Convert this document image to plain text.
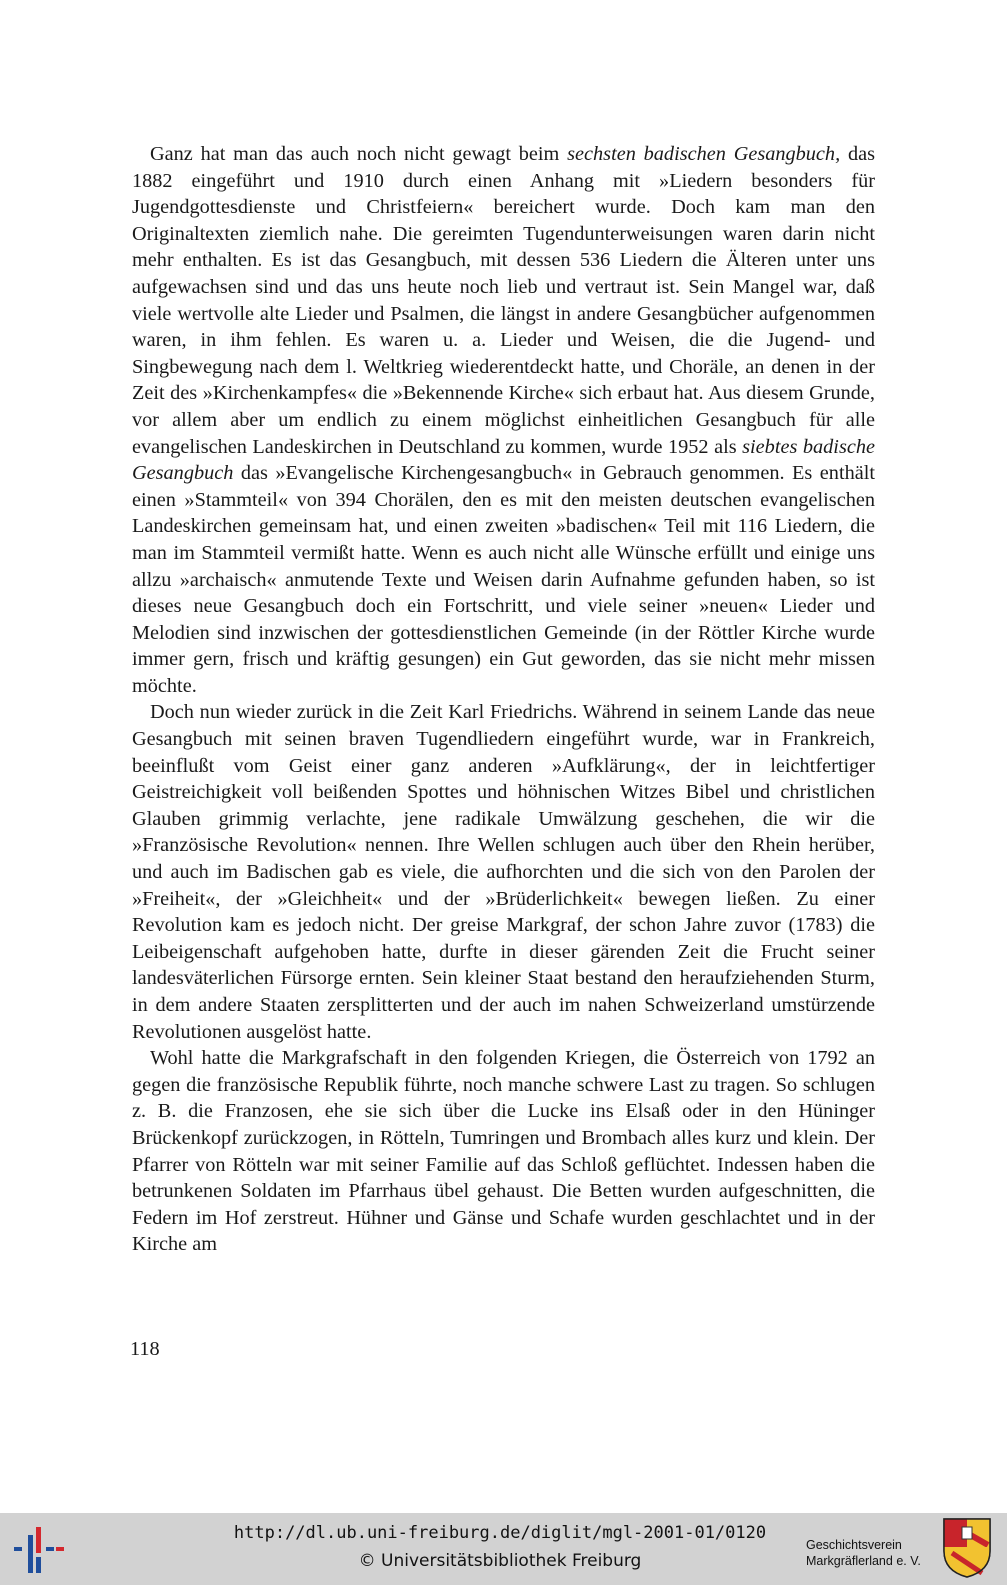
Ganz hat man das auch noch nicht gewagt beim sechsten badischen Gesangbuch, das 1882 eingeführt und 1910 durch einen Anhang mit »Liedern besonders für Jugendgottesdienste und Christfeiern« bereichert wurde. Doch kam man den Originaltexten ziemlich nahe. Die gereimten Tugendunterweisungen waren darin nicht mehr enthalten. Es ist das Gesangbuch, mit dessen 536 Liedern die Älteren unter uns aufgewachsen sind und das uns heute noch lieb und vertraut ist. Sein Mangel war, daß viele wertvolle alte Lieder und Psalmen, die längst in andere Gesangbücher aufgenommen waren, in ihm fehlen. Es waren u. a. Lieder und Weisen, die die Jugend- und Singbewegung nach dem l. Weltkrieg wiederentdeckt hatte, und Choräle, an denen in der Zeit des »Kirchenkampfes« die »Bekennende Kirche« sich erbaut hat. Aus diesem Grunde, vor allem aber um endlich zu einem möglichst einheitlichen Gesangbuch für alle evangelischen Landeskirchen in Deutschland zu kommen, wurde 1952 als siebtes badische Gesangbuch das »Evangelische Kirchengesangbuch« in Gebrauch genommen. Es enthält einen »Stammteil« von 394 Chorälen, den es mit den meisten deutschen evangelischen Landeskirchen gemeinsam hat, und einen zweiten »badischen« Teil mit 116 Liedern, die man im Stammteil vermißt hatte. Wenn es auch nicht alle Wünsche erfüllt und einige uns allzu »archaisch« anmutende Texte und Weisen darin Aufnahme gefunden haben, so ist dieses neue Gesangbuch doch ein Fortschritt, und viele seiner »neuen« Lieder und Melodien sind inzwischen der gottesdienstlichen Gemeinde (in der Röttler Kirche wurde immer gern, frisch und kräftig gesungen) ein Gut geworden, das sie nicht mehr missen möchte.

Doch nun wieder zurück in die Zeit Karl Friedrichs. Während in seinem Lande das neue Gesangbuch mit seinen braven Tugendliedern eingeführt wurde, war in Frankreich, beeinflußt vom Geist einer ganz anderen »Aufklärung«, der in leichtfertiger Geistreichigkeit voll beißenden Spottes und höhnischen Witzes Bibel und christlichen Glauben grimmig verlachte, jene radikale Umwälzung geschehen, die wir die »Französische Revolution« nennen. Ihre Wellen schlugen auch über den Rhein herüber, und auch im Badischen gab es viele, die aufhorchten und die sich von den Parolen der »Freiheit«, der »Gleichheit« und der »Brüderlichkeit« bewegen ließen. Zu einer Revolution kam es jedoch nicht. Der greise Markgraf, der schon Jahre zuvor (1783) die Leibeigenschaft aufgehoben hatte, durfte in dieser gärenden Zeit die Frucht seiner landesväterlichen Fürsorge ernten. Sein kleiner Staat bestand den heraufziehenden Sturm, in dem andere Staaten zersplitterten und der auch im nahen Schweizerland umstürzende Revolutionen ausgelöst hatte.

Wohl hatte die Markgrafschaft in den folgenden Kriegen, die Österreich von 1792 an gegen die französische Republik führte, noch manche schwere Last zu tragen. So schlugen z. B. die Franzosen, ehe sie sich über die Lucke ins Elsaß oder in den Hüninger Brückenkopf zurückzogen, in Rötteln, Tumringen und Brombach alles kurz und klein. Der Pfarrer von Rötteln war mit seiner Familie auf das Schloß geflüchtet. Indessen haben die betrunkenen Soldaten im Pfarrhaus übel gehaust. Die Betten wurden aufgeschnitten, die Federn im Hof zerstreut. Hühner und Gänse und Schafe wurden geschlachtet und in der Kirche am

118
http://dl.ub.uni-freiburg.de/diglit/mgl-2001-01/0120
© Universitätsbibliothek Freiburg
Geschichtsverein
Markgräflerland e. V.
